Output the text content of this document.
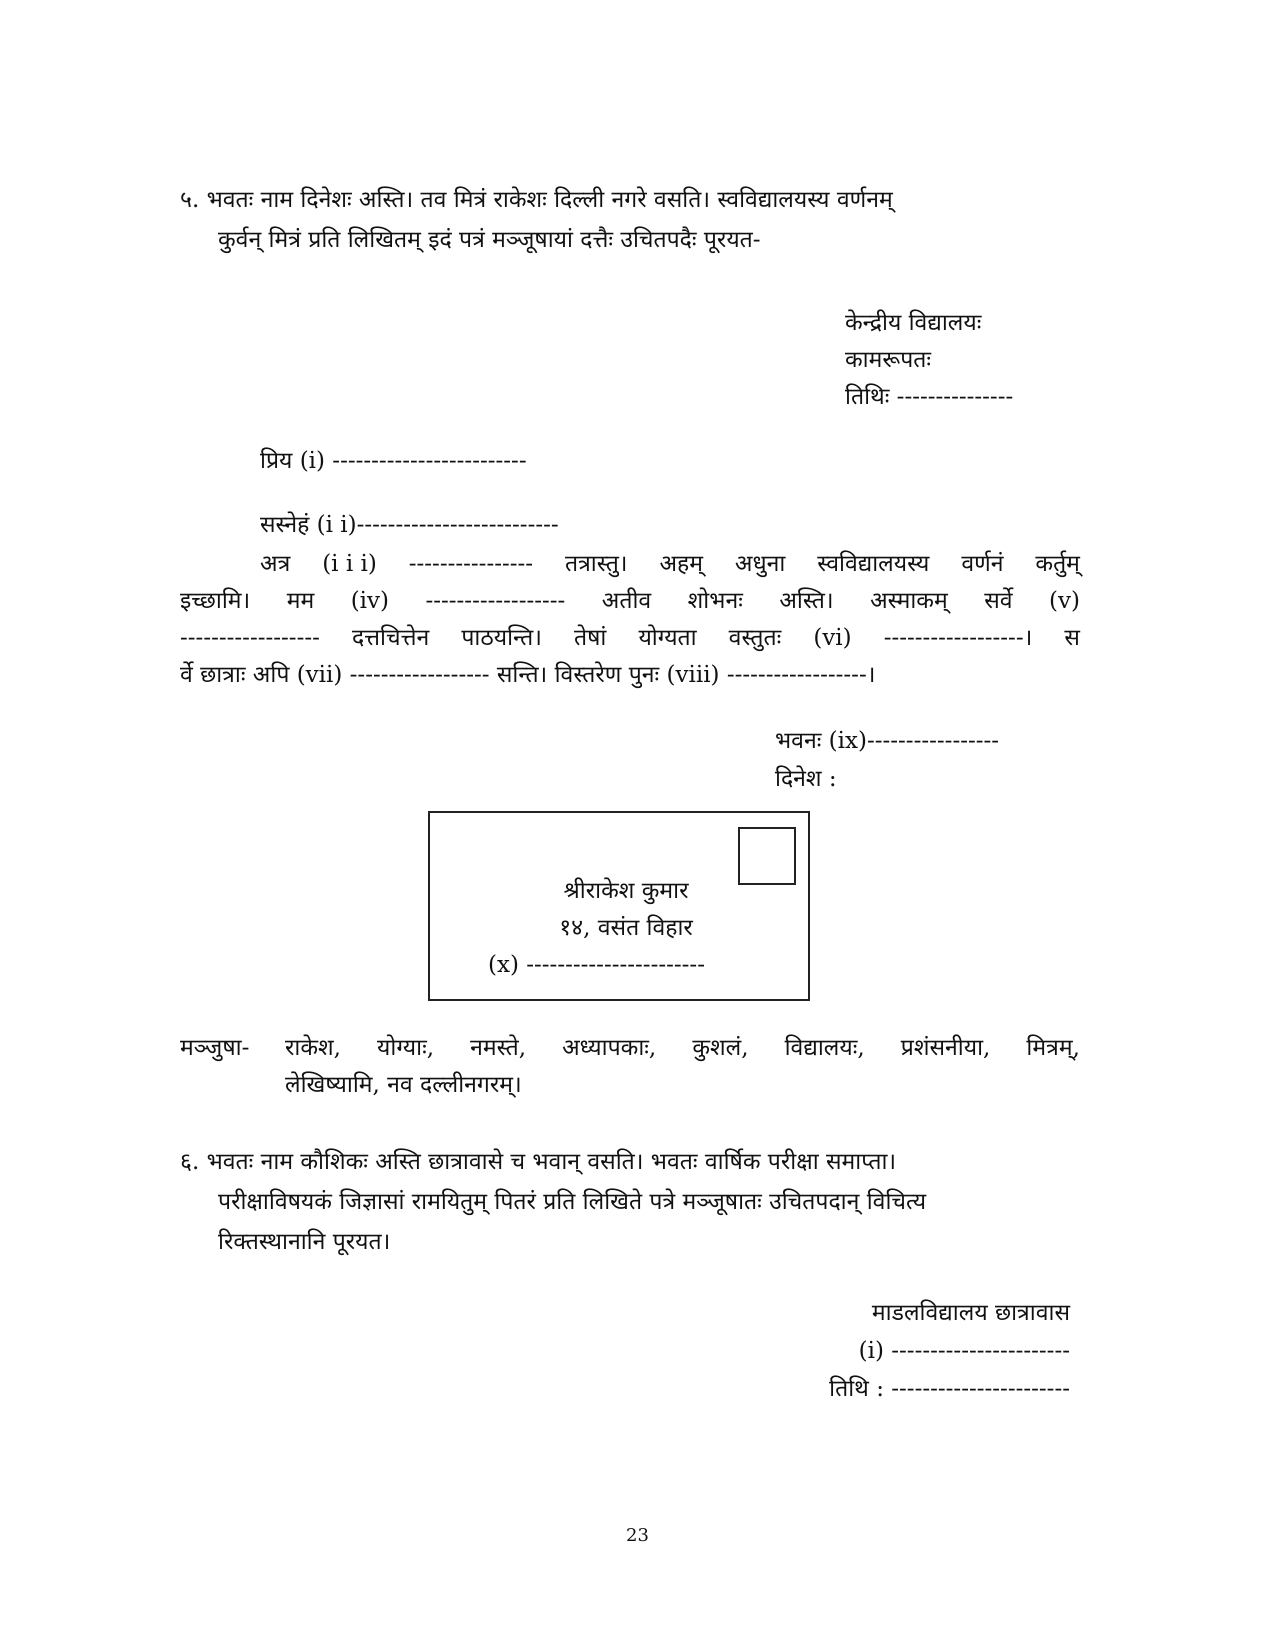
५. भवतः नाम दिनेशः अस्ति। तव मित्रं राकेशः दिल्ली नगरे वसति। स्वविद्यालयस्य वर्णनम्
कुर्वन् मित्रं प्रति लिखितम् इदं पत्रं मञ्जूषायां दत्तैः उचितपदैः पूरयत-
केन्द्रीय विद्यालयः
कामरूपतः
तिथिः ---------------
प्रिय (i) -------------------------
सस्नेहं (i i)--------------------------
अत्र (i i i) ---------------- तत्रास्तु। अहम् अधुना स्वविद्यालयस्य वर्णनं कर्तुम्
इच्छामि। मम (iv) ------------------ अतीव शोभनः अस्ति। अस्माकम् सर्वे (v)
------------------ दत्तचित्तेन पाठयन्ति। तेषां योग्यता वस्तुतः (vi) ------------------। स
र्वे छात्राः अपि (vii) ------------------ सन्ति। विस्तरेण पुनः (viii) ------------------।
भवनः (ix)-----------------
दिनेश :
श्रीराकेश कुमार
१४, वसंत विहार
(x) -----------------------
मञ्जुषा-	राकेश, योग्याः, नमस्ते, अध्यापकाः, कुशलं, विद्यालयः, प्रशंसनीया, मित्रम्,
लेखिष्यामि, नव दल्लीनगरम्।
६. भवतः नाम कौशिकः अस्ति छात्रावासे च भवान् वसति। भवतः वार्षिक परीक्षा समाप्ता।
परीक्षाविषयकं जिज्ञासां रामयितुम् पितरं प्रति लिखिते पत्रे मञ्जूषातः उचितपदान् विचित्य
रिक्तस्थानानि पूरयत।
माडलविद्यालय छात्रावास
(i) -----------------------
तिथि : -----------------------
23
